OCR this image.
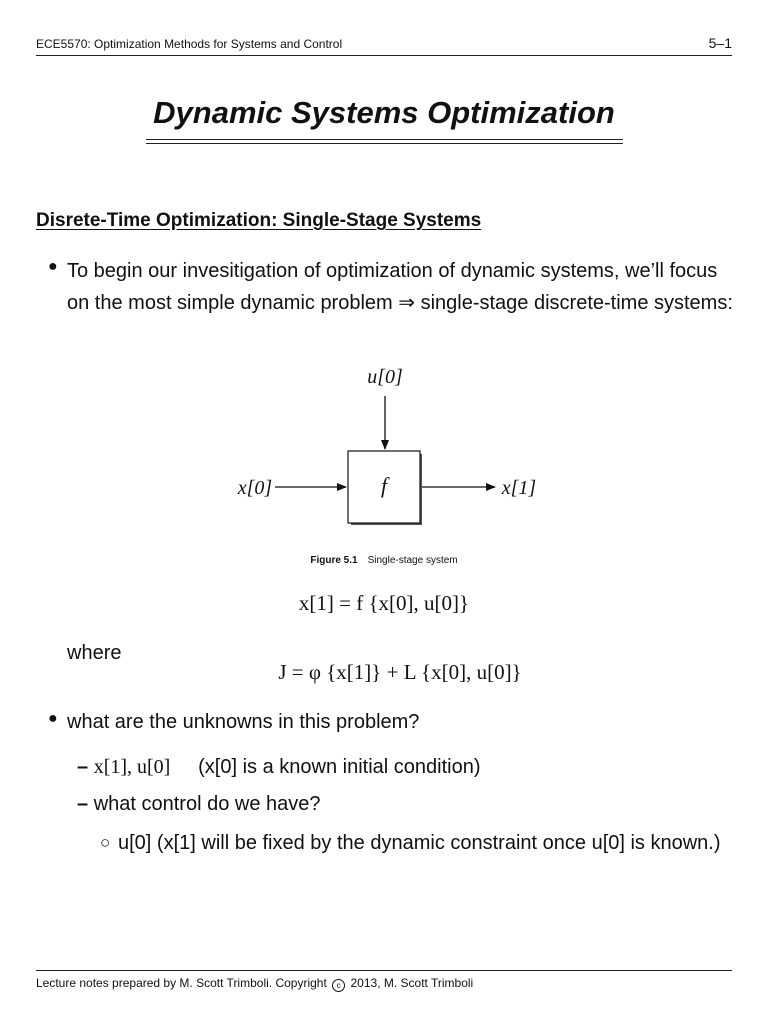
ECE5570: Optimization Methods for Systems and Control	5–1
Dynamic Systems Optimization
Disrete-Time Optimization: Single-Stage Systems
● To begin our invesitigation of optimization of dynamic systems, we’ll focus on the most simple dynamic problem ⇒ single-stage discrete-time systems:
u[0]
x[0]	f	x[1]
Figure 5.1 Single-stage system
x[1] = f {x[0], u[0]}
where
J = φ {x[1]} + L {x[0], u[0]}
● what are the unknowns in this problem?
– x[1], u[0] (x[0] is a known initial condition)
– what control do we have?
○ u[0] (x[1] will be fixed by the dynamic constraint once u[0] is known.)
Lecture notes prepared by M. Scott Trimboli. Copyright c 2013, M. Scott Trimboli
